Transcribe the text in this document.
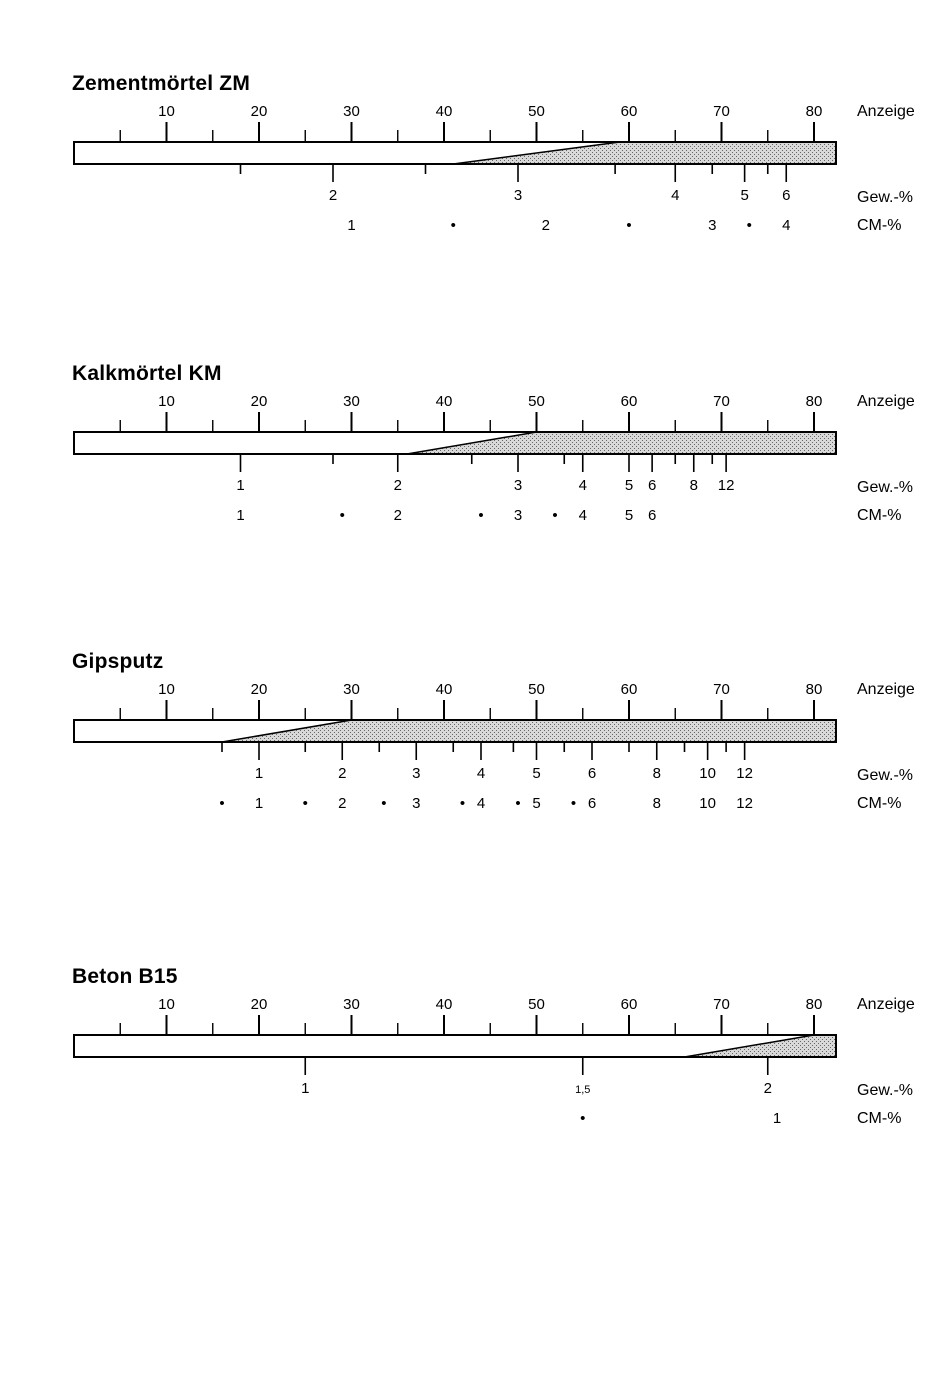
Zementmörtel ZM
10	20	30	40	50	60	70	80
2	3	4	5 6
1	•	2	•	3 • 4
Anzeige
Gew.-%
CM-%
Kalkmörtel KM
10	20	30	40	50	60	70	80
1	2	3	4	5 6 8 12
1	•	2	• 3 • 4	5 6
Anzeige
Gew.-%
CM-%
Gipsputz
10	20	30	40	50	60	70	80
1	2	3	4	5	6	8	10 12
• 1	• 2 • 3	• 4 • 5 • 6	8	10 12
Anzeige
Gew.-%
CM-%
Beton B15
10	20	30	40	50	60	70	80
1	1,5	2
•	1
Anzeige
Gew.-%
CM-%
